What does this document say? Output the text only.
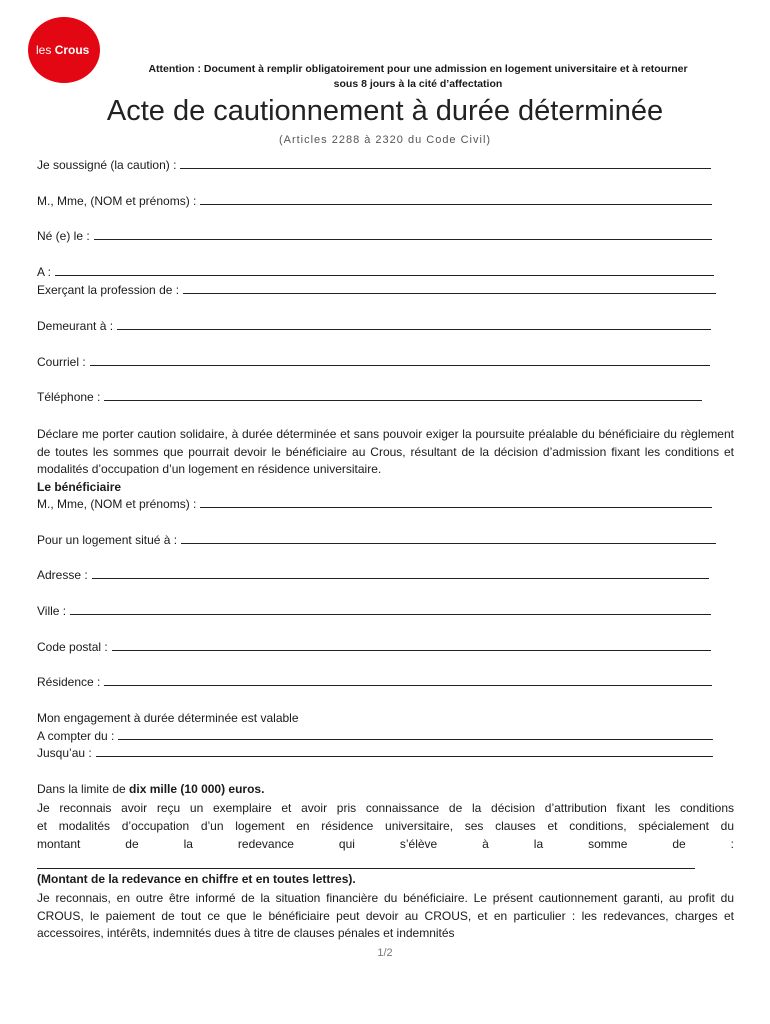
les Crous
Attention : Document à remplir obligatoirement pour une admission en logement universitaire et à retourner
sous 8 jours à la cité d’affectation
Acte de cautionnement à durée déterminée
(Articles 2288 à 2320 du Code Civil)
Je soussigné (la caution) :
M., Mme, (NOM et prénoms) :
Né (e) le :
A :
Exerçant la profession de :
Demeurant à :
Courriel :
Téléphone :
Déclare me porter caution solidaire, à durée déterminée et sans pouvoir exiger la poursuite préalable du bénéficiaire du règlement de toutes les sommes que pourrait devoir le bénéficiaire au Crous, résultant de la décision d’admission fixant les conditions et modalités d’occupation d’un logement en résidence universitaire.
Le bénéficiaire
M., Mme, (NOM et prénoms) :
Pour un logement situé à :
Adresse :
Ville :
Code postal :
Résidence :
Mon engagement à durée déterminée est valable
A compter du :
Jusqu’au :
Dans la limite de dix mille (10 000) euros.
Je reconnais avoir reçu un exemplaire et avoir pris connaissance de la décision d’attribution fixant les conditions
et modalités d’occupation d’un logement en résidence universitaire, ses clauses et conditions, spécialement du
montant de la redevance qui s’élève à la somme de :
(Montant de la redevance en chiffre et en toutes lettres).
Je reconnais, en outre être informé de la situation financière du bénéficiaire. Le présent cautionnement garanti, au profit du CROUS, le paiement de tout ce que le bénéficiaire peut devoir au CROUS, et en particulier : les redevances, charges et accessoires, intérêts, indemnités dues à titre de clauses pénales et indemnités
1/2
